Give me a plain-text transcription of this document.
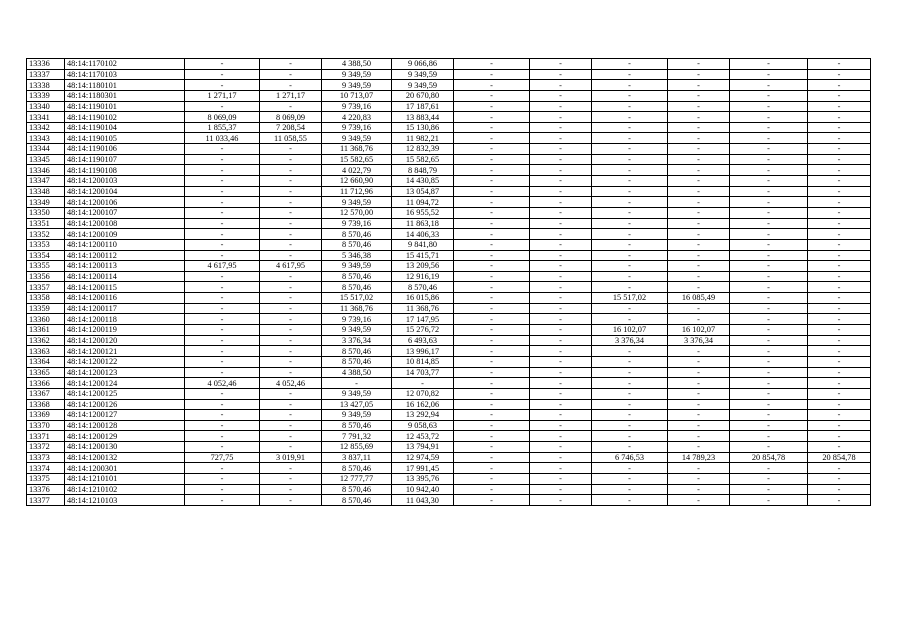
13336	48:14:1170102	-	-	4 388,50	9 066,86	-	-	-	-	-	-
13337	48:14:1170103	-	-	9 349,59	9 349,59	-	-	-	-	-	-
13338	48:14:1180101	-	-	9 349,59	9 349,59	-	-	-	-	-	-
13339	48:14:1180301	1 271,17	1 271,17	10 713,07	20 670,80	-	-	-	-	-	-
13340	48:14:1190101	-	-	9 739,16	17 187,61	-	-	-	-	-	-
13341	48:14:1190102	8 069,09	8 069,09	4 220,83	13 883,44	-	-	-	-	-	-
13342	48:14:1190104	1 855,37	7 208,54	9 739,16	15 130,86	-	-	-	-	-	-
13343	48:14:1190105	11 033,46	11 058,55	9 349,59	11 982,21	-	-	-	-	-	-
13344	48:14:1190106	-	-	11 368,76	12 832,39	-	-	-	-	-	-
13345	48:14:1190107	-	-	15 582,65	15 582,65	-	-	-	-	-	-
13346	48:14:1190108	-	-	4 022,79	8 848,79	-	-	-	-	-	-
13347	48:14:1200103	-	-	12 660,90	14 430,85	-	-	-	-	-	-
13348	48:14:1200104	-	-	11 712,96	13 054,87	-	-	-	-	-	-
13349	48:14:1200106	-	-	9 349,59	11 094,72	-	-	-	-	-	-
13350	48:14:1200107	-	-	12 570,00	16 955,52	-	-	-	-	-	-
13351	48:14:1200108	-	-	9 739,16	11 863,18	-	-	-	-	-	-
13352	48:14:1200109	-	-	8 570,46	14 406,33	-	-	-	-	-	-
13353	48:14:1200110	-	-	8 570,46	9 841,80	-	-	-	-	-	-
13354	48:14:1200112	-	-	5 346,38	15 415,71	-	-	-	-	-	-
13355	48:14:1200113	4 617,95	4 617,95	9 349,59	13 209,56	-	-	-	-	-	-
13356	48:14:1200114	-	-	8 570,46	12 916,19	-	-	-	-	-	-
13357	48:14:1200115	-	-	8 570,46	8 570,46	-	-	-	-	-	-
13358	48:14:1200116	-	-	15 517,02	16 015,86	-	-	15 517,02	16 085,49	-	-
13359	48:14:1200117	-	-	11 368,76	11 368,76	-	-	-	-	-	-
13360	48:14:1200118	-	-	9 739,16	17 147,95	-	-	-	-	-	-
13361	48:14:1200119	-	-	9 349,59	15 276,72	-	-	16 102,07	16 102,07	-	-
13362	48:14:1200120	-	-	3 376,34	6 493,63	-	-	3 376,34	3 376,34	-	-
13363	48:14:1200121	-	-	8 570,46	13 996,17	-	-	-	-	-	-
13364	48:14:1200122	-	-	8 570,46	10 814,85	-	-	-	-	-	-
13365	48:14:1200123	-	-	4 388,50	14 703,77	-	-	-	-	-	-
13366	48:14:1200124	4 052,46	4 052,46	-	-	-	-	-	-	-	-
13367	48:14:1200125	-	-	9 349,59	12 070,82	-	-	-	-	-	-
13368	48:14:1200126	-	-	13 427,05	16 162,06	-	-	-	-	-	-
13369	48:14:1200127	-	-	9 349,59	13 292,94	-	-	-	-	-	-
13370	48:14:1200128	-	-	8 570,46	9 058,63	-	-	-	-	-	-
13371	48:14:1200129	-	-	7 791,32	12 453,72	-	-	-	-	-	-
13372	48:14:1200130	-	-	12 855,69	13 794,91	-	-	-	-	-	-
13373	48:14:1200132	727,75	3 019,91	3 837,11	12 974,59	-	-	6 746,53	14 789,23	20 854,78	20 854,78
13374	48:14:1200301	-	-	8 570,46	17 991,45	-	-	-	-	-	-
13375	48:14:1210101	-	-	12 777,77	13 395,76	-	-	-	-	-	-
13376	48:14:1210102	-	-	8 570,46	10 942,40	-	-	-	-	-	-
13377	48:14:1210103	-	-	8 570,46	11 043,30	-	-	-	-	-	-
